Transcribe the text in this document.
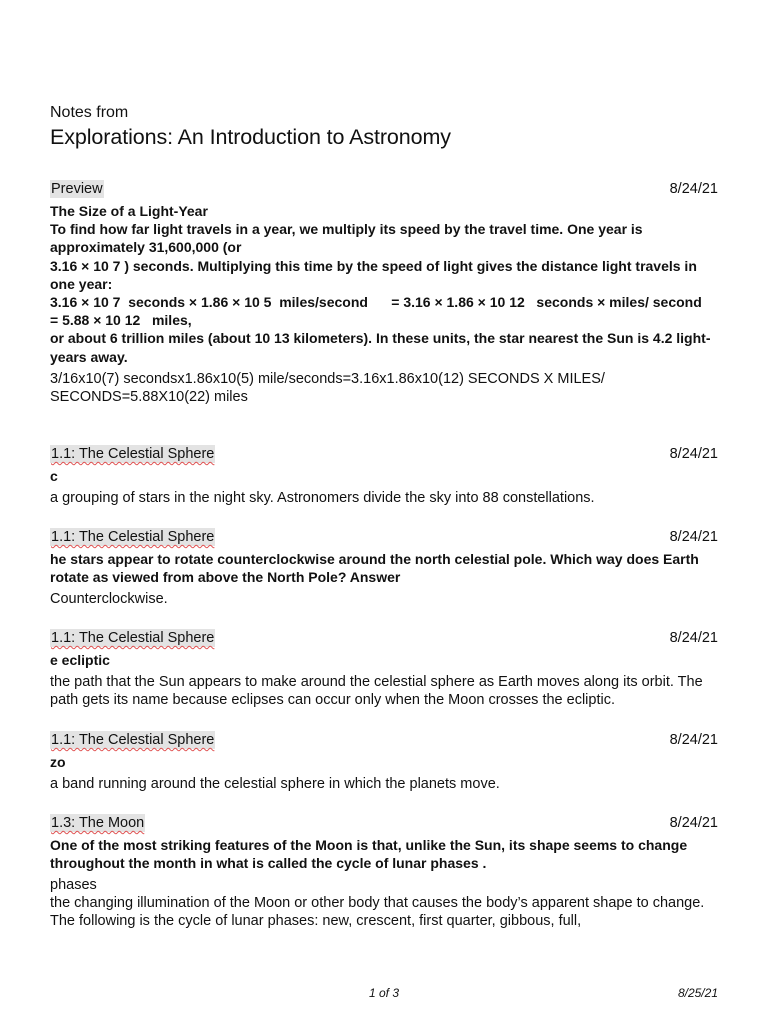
Notes from
Explorations: An Introduction to Astronomy
Preview	8/24/21
The Size of a Light-Year
To find how far light travels in a year, we multiply its speed by the travel time. One year is approximately 31,600,000 (or
3.16 × 10 7 ) seconds. Multiplying this time by the speed of light gives the distance light travels in one year:
3.16 × 10 7  seconds × 1.86 × 10 5  miles/second      = 3.16 × 1.86 × 10 12   seconds × miles/ second      = 5.88 × 10 12   miles,
or about 6 trillion miles (about 10 13 kilometers). In these units, the star nearest the Sun is 4.2 light-years away.
3/16x10(7) secondsx1.86x10(5) mile/seconds=3.16x1.86x10(12) SECONDS X MILES/ SECONDS=5.88X10(22) miles
1.1: The Celestial Sphere	8/24/21
c
a grouping of stars in the night sky. Astronomers divide the sky into 88 constellations.
1.1: The Celestial Sphere	8/24/21
he stars appear to rotate counterclockwise around the north celestial pole. Which way does Earth rotate as viewed from above the North Pole? Answer
Counterclockwise.
1.1: The Celestial Sphere	8/24/21
e ecliptic
the path that the Sun appears to make around the celestial sphere as Earth moves along its orbit. The path gets its name because eclipses can occur only when the Moon crosses the ecliptic.
1.1: The Celestial Sphere	8/24/21
zo
a band running around the celestial sphere in which the planets move.
1.3: The Moon	8/24/21
One of the most striking features of the Moon is that, unlike the Sun, its shape seems to change throughout the month in what is called the cycle of lunar phases .
phases
the changing illumination of the Moon or other body that causes the body’s apparent shape to change. The following is the cycle of lunar phases: new, crescent, first quarter, gibbous, full,
1 of 3	8/25/21
